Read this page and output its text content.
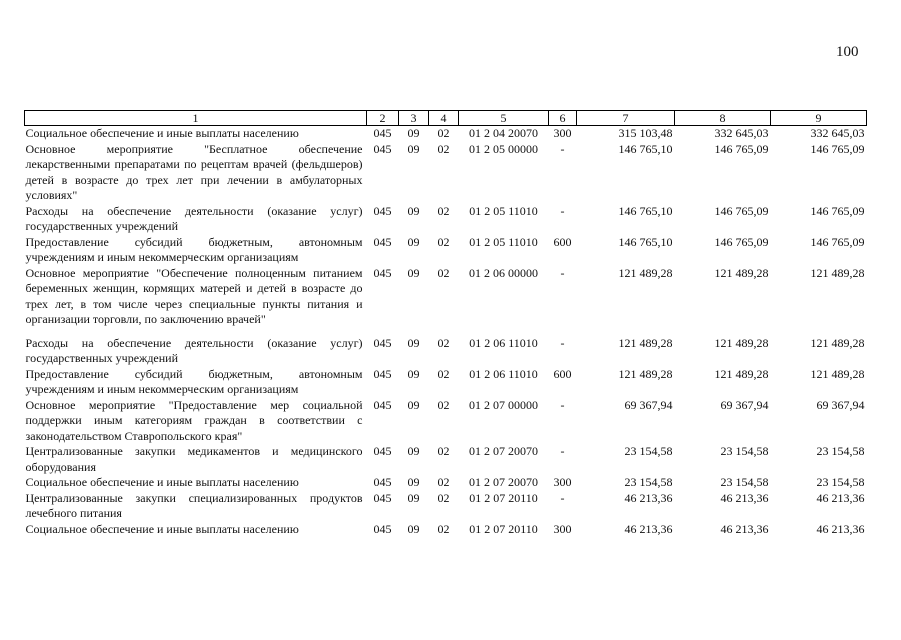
100
1	2	3	4	5	6	7	8	9
Социальное обеспечение и иные выплаты населению	045	09	02	01 2 04 20070	300	315 103,48	332 645,03	332 645,03
Основное мероприятие "Бесплатное обеспечение лекарственными препаратами по рецептам врачей (фельдшеров) детей в возрасте до трех лет при лечении в амбулаторных условиях"	045	09	02	01 2 05 00000	-	146 765,10	146 765,09	146 765,09
Расходы на обеспечение деятельности (оказание услуг) государственных учреждений	045	09	02	01 2 05 11010	-	146 765,10	146 765,09	146 765,09
Предоставление субсидий бюджетным, автономным учреждениям и иным некоммерческим организациям	045	09	02	01 2 05 11010	600	146 765,10	146 765,09	146 765,09
Основное мероприятие "Обеспечение полноценным питанием беременных женщин, кормящих матерей и детей в возрасте до трех лет, в том числе через специальные пункты питания и организации торговли, по заключению врачей"	045	09	02	01 2 06 00000	-	121 489,28	121 489,28	121 489,28

Расходы на обеспечение деятельности (оказание услуг) государственных учреждений	045	09	02	01 2 06 11010	-	121 489,28	121 489,28	121 489,28
Предоставление субсидий бюджетным, автономным учреждениям и иным некоммерческим организациям	045	09	02	01 2 06 11010	600	121 489,28	121 489,28	121 489,28
Основное мероприятие "Предоставление мер социальной поддержки иным категориям граждан в соответствии с законодательством Ставропольского края"	045	09	02	01 2 07 00000	-	69 367,94	69 367,94	69 367,94
Централизованные закупки медикаментов и медицинского оборудования	045	09	02	01 2 07 20070	-	23 154,58	23 154,58	23 154,58
Социальное обеспечение и иные выплаты населению	045	09	02	01 2 07 20070	300	23 154,58	23 154,58	23 154,58
Централизованные закупки специализированных продуктов лечебного питания	045	09	02	01 2 07 20110	-	46 213,36	46 213,36	46 213,36
Социальное обеспечение и иные выплаты населению	045	09	02	01 2 07 20110	300	46 213,36	46 213,36	46 213,36
